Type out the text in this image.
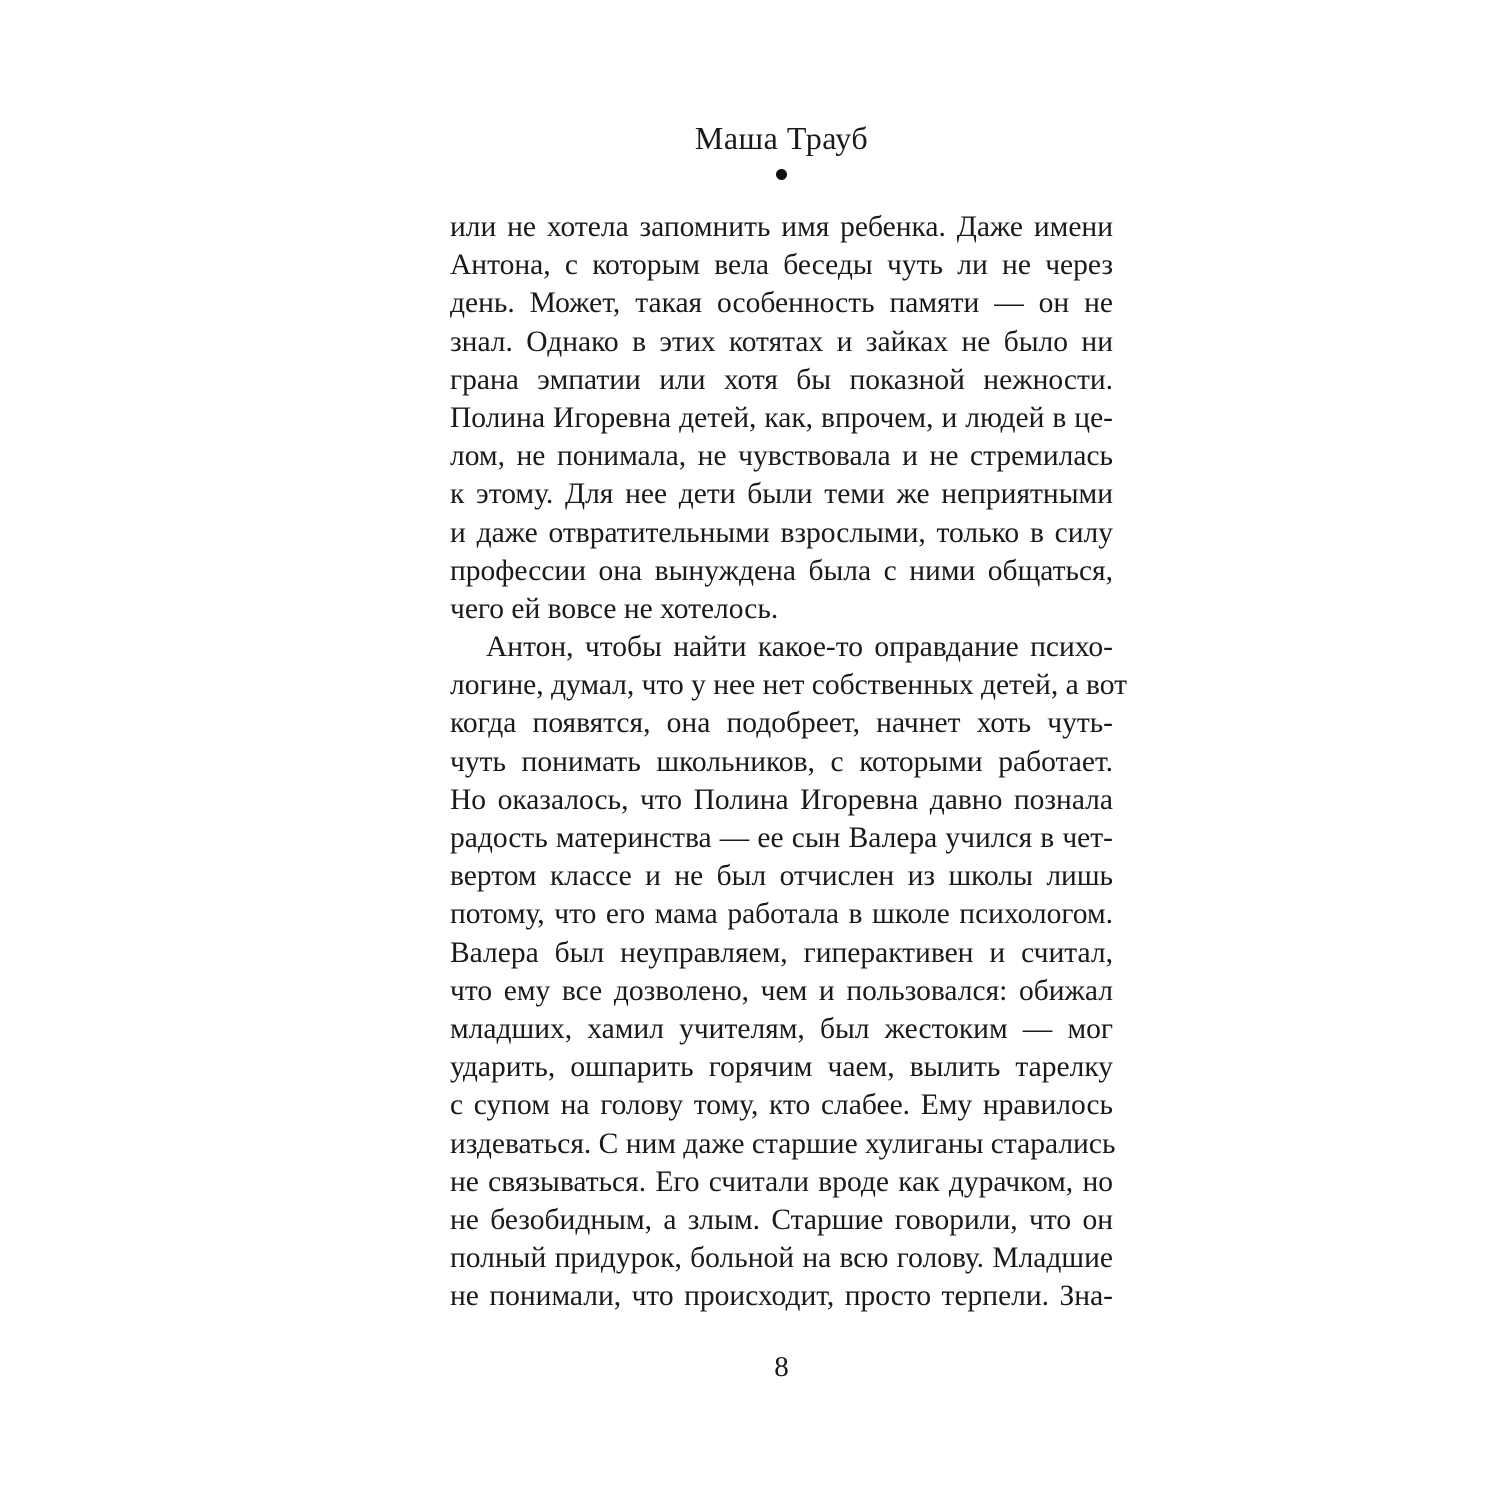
Маша Трауб
или не хотела запомнить имя ребенка. Даже имени
Антона, с которым вела беседы чуть ли не через
день. Может, такая особенность памяти — он не
знал. Однако в этих котятах и зайках не было ни
грана эмпатии или хотя бы показной нежности.
Полина Игоревна детей, как, впрочем, и людей в це-
лом, не понимала, не чувствовала и не стремилась
к этому. Для нее дети были теми же неприятными
и даже отвратительными взрослыми, только в силу
профессии она вынуждена была с ними общаться,
чего ей вовсе не хотелось.
Антон, чтобы найти какое-то оправдание психо-
логине, думал, что у нее нет собственных детей, а вот
когда появятся, она подобреет, начнет хоть чуть-
чуть понимать школьников, с которыми работает.
Но оказалось, что Полина Игоревна давно познала
радость материнства — ее сын Валера учился в чет-
вертом классе и не был отчислен из школы лишь
потому, что его мама работала в школе психологом.
Валера был неуправляем, гиперактивен и считал,
что ему все дозволено, чем и пользовался: обижал
младших, хамил учителям, был жестоким — мог
ударить, ошпарить горячим чаем, вылить тарелку
с супом на голову тому, кто слабее. Ему нравилось
издеваться. С ним даже старшие хулиганы старались
не связываться. Его считали вроде как дурачком, но
не безобидным, а злым. Старшие говорили, что он
полный придурок, больной на всю голову. Младшие
не понимали, что происходит, просто терпели. Зна-
8
